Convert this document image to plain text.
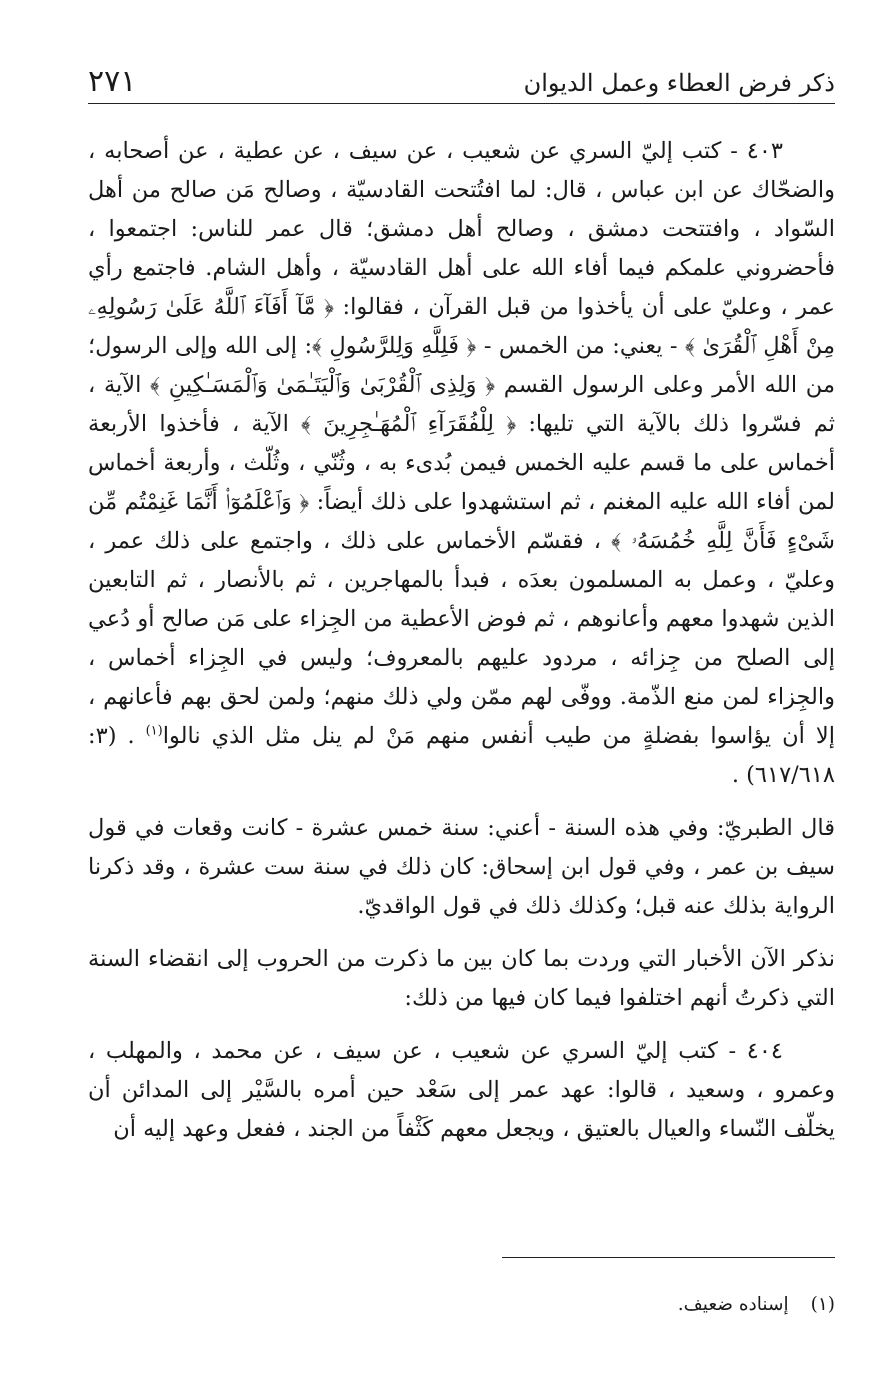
ذكر فرض العطاء وعمل الديوان
٢٧١

٤٠٣ - كتب إليّ السري عن شعيب ، عن سيف ، عن عطية ، عن أصحابه ، والضحّاك عن ابن عباس ، قال: لما افتُتحت القادسيّة ، وصالح مَن صالح من أهل السّواد ، وافتتحت دمشق ، وصالح أهل دمشق؛ قال عمر للناس: اجتمعوا ، فأحضروني علمكم فيما أفاء الله على أهل القادسيّة ، وأهل الشام. فاجتمع رأي عمر ، وعليّ على أن يأخذوا من قبل القرآن ، فقالوا: ﴿ مَّآ أَفَآءَ ٱللَّهُ عَلَىٰ رَسُولِهِۦ مِنْ أَهْلِ ٱلْقُرَىٰ ﴾ - يعني: من الخمس - ﴿ فَلِلَّهِ وَلِلرَّسُولِ ﴾: إلى الله وإلى الرسول؛ من الله الأمر وعلى الرسول القسم ﴿ وَلِذِى ٱلْقُرْبَىٰ وَٱلْيَتَـٰمَىٰ وَٱلْمَسَـٰكِينِ ﴾ الآية ، ثم فسّروا ذلك بالآية التي تليها: ﴿ لِلْفُقَرَآءِ ٱلْمُهَـٰجِرِينَ ﴾ الآية ، فأخذوا الأربعة أخماس على ما قسم عليه الخمس فيمن بُدىء به ، وثُنّي ، وثُلّث ، وأربعة أخماس لمن أفاء الله عليه المغنم ، ثم استشهدوا على ذلك أيضاً: ﴿ وَٱعْلَمُوٓا۟ أَنَّمَا غَنِمْتُم مِّن شَىْءٍ فَأَنَّ لِلَّهِ خُمُسَهُۥ ﴾ ، فقسّم الأخماس على ذلك ، واجتمع على ذلك عمر ، وعليّ ، وعمل به المسلمون بعدَه ، فبدأ بالمهاجرين ، ثم بالأنصار ، ثم التابعين الذين شهدوا معهم وأعانوهم ، ثم فوض الأعطية من الجِزاء على مَن صالح أو دُعي إلى الصلح من جِزائه ، مردود عليهم بالمعروف؛ وليس في الجِزاء أخماس ، والجِزاء لمن منع الذّمة. ووفّى لهم ممّن ولي ذلك منهم؛ ولمن لحق بهم فأعانهم ، إلا أن يؤاسوا بفضلةٍ من طيب أنفس منهم مَنْ لم ينل مثل الذي نالوا$^{(١)}$ . (٣: ٦١٧/٦١٨) .

قال الطبريّ: وفي هذه السنة - أعني: سنة خمس عشرة - كانت وقعات في قول سيف بن عمر ، وفي قول ابن إسحاق: كان ذلك في سنة ست عشرة ، وقد ذكرنا الرواية بذلك عنه قبل؛ وكذلك ذلك في قول الواقديّ.

نذكر الآن الأخبار التي وردت بما كان بين ما ذكرت من الحروب إلى انقضاء السنة التي ذكرتُ أنهم اختلفوا فيما كان فيها من ذلك:

٤٠٤ - كتب إليّ السري عن شعيب ، عن سيف ، عن محمد ، والمهلب ، وعمرو ، وسعيد ، قالوا: عهد عمر إلى سَعْد حين أمره بالسَّيْر إلى المدائن أن يخلّف النّساء والعيال بالعتيق ، ويجعل معهم كَثْفاً من الجند ، ففعل وعهد إليه أن

(١)إسناده ضعيف.
